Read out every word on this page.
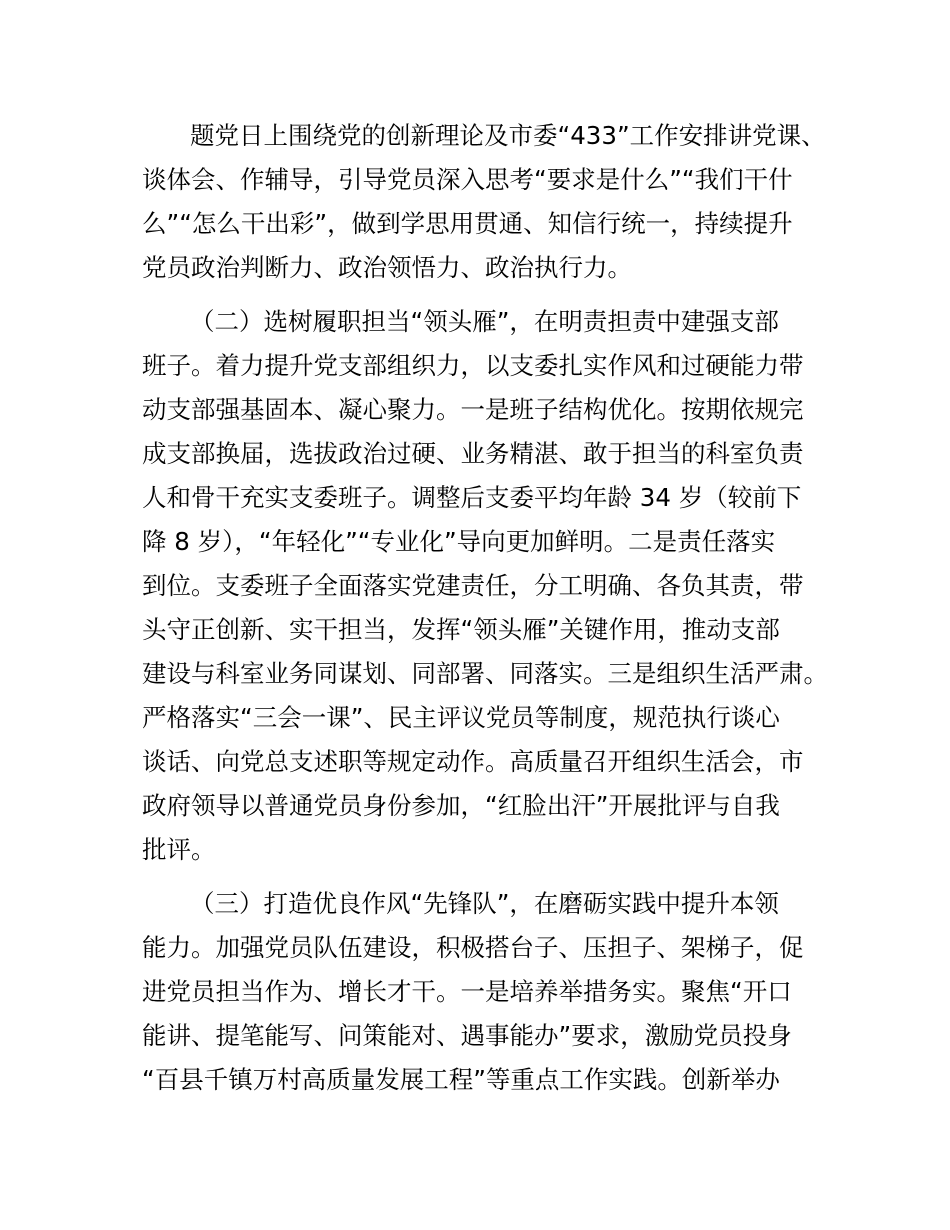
题党日上围绕党的创新理论及市委“433”工作安排讲党课、
谈体会、作辅导，引导党员深入思考“要求是什么”“我们干什
么”“怎么干出彩”，做到学思用贯通、知信行统一，持续提升
党员政治判断力、政治领悟力、政治执行力。
（二）选树履职担当“领头雁”，在明责担责中建强支部
班子。着力提升党支部组织力，以支委扎实作风和过硬能力带
动支部强基固本、凝心聚力。一是班子结构优化。按期依规完
成支部换届，选拔政治过硬、业务精湛、敢于担当的科室负责
人和骨干充实支委班子。调整后支委平均年龄 34 岁（较前下
降 8 岁），“年轻化”“专业化”导向更加鲜明。二是责任落实
到位。支委班子全面落实党建责任，分工明确、各负其责，带
头守正创新、实干担当，发挥“领头雁”关键作用，推动支部
建设与科室业务同谋划、同部署、同落实。三是组织生活严肃。
严格落实“三会一课”、民主评议党员等制度，规范执行谈心
谈话、向党总支述职等规定动作。高质量召开组织生活会，市
政府领导以普通党员身份参加，“红脸出汗”开展批评与自我
批评。
（三）打造优良作风“先锋队”，在磨砺实践中提升本领
能力。加强党员队伍建设，积极搭台子、压担子、架梯子，促
进党员担当作为、增长才干。一是培养举措务实。聚焦“开口
能讲、提笔能写、问策能对、遇事能办”要求，激励党员投身
“百县千镇万村高质量发展工程”等重点工作实践。创新举办
